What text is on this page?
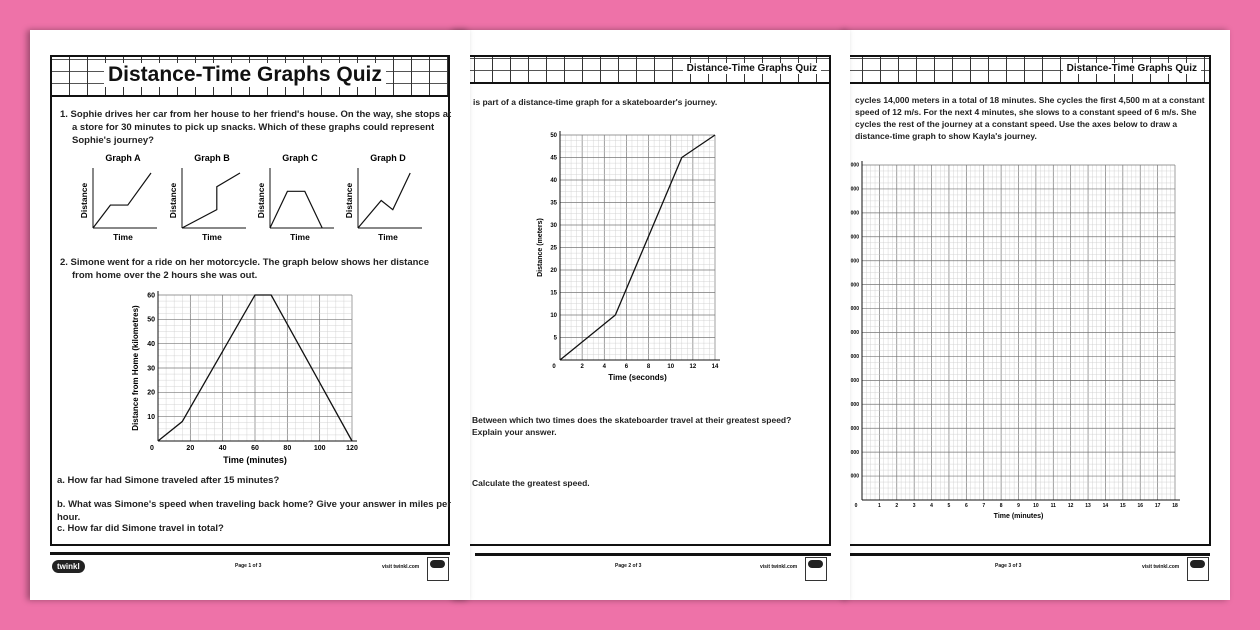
Distance-Time Graphs Quiz
cycles 14,000 meters in a total of 18 minutes. She cycles the first 4,500 m at a constant speed of 12 m/s. For the next 4 minutes, she slows to a constant speed of 6 m/s. She cycles the rest of the journey at a constant speed. Use the axes below to draw a distance-time graph to show Kayla's journey.
0	1	2	3	4	5	6	7	8	9	10 11 12 13 14 15 16 17 18
000
000
000
000
000
000
000
000
000
000
000
000
000
000
Time (minutes)
Page 3 of 3	visit twinkl.com
Distance-Time Graphs Quiz
is part of a distance-time graph for a skateboarder's journey.
0	2	4	6	8	10	12	14
5
10
15
20
25
30
35
40
45
50
Time (seconds)
Distance (meters)
Between which two times does the skateboarder travel at their greatest speed? Explain your answer.
Calculate the greatest speed.
Page 2 of 3	visit twinkl.com
Distance-Time Graphs Quiz
1. Sophie drives her car from her house to her friend's house. On the way, she stops at a store for 30 minutes to pick up snacks. Which of these graphs could represent Sophie's journey?
Graph A
Time
Distance
Graph B
Time
Distance
Graph C
Time
Distance
Graph D
Time
Distance
2. Simone went for a ride on her motorcycle. The graph below shows her distance from home over the 2 hours she was out.
0	20	40	60	80	100	120
10
20
30
40
50
60
Time (minutes)
Distance from Home (kilometres)
a. How far had Simone traveled after 15 minutes?
b. What was Simone's speed when traveling back home? Give your answer in miles per hour.
c. How far did Simone travel in total?
twinkl	Page 1 of 3	visit twinkl.com
